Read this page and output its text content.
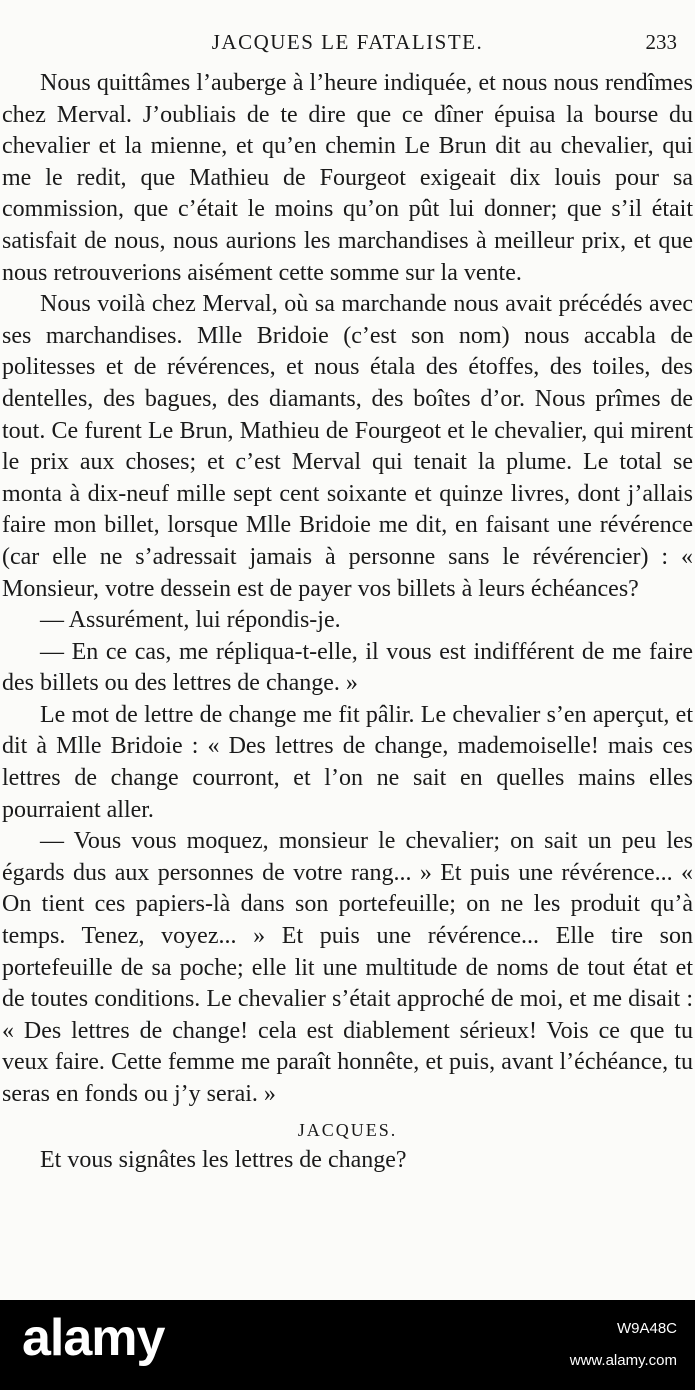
JACQUES LE FATALISTE.	233

Nous quittâmes l’auberge à l’heure indiquée, et nous nous rendîmes chez Merval. J’oubliais de te dire que ce dîner épuisa la bourse du chevalier et la mienne, et qu’en chemin Le Brun dit au chevalier, qui me le redit, que Mathieu de Fourgeot exigeait dix louis pour sa commission, que c’était le moins qu’on pût lui donner; que s’il était satisfait de nous, nous aurions les marchandises à meilleur prix, et que nous retrouverions aisément cette somme sur la vente.

Nous voilà chez Merval, où sa marchande nous avait précédés avec ses marchandises. Mlle Bridoie (c’est son nom) nous accabla de politesses et de révérences, et nous étala des étoffes, des toiles, des dentelles, des bagues, des diamants, des boîtes d’or. Nous prîmes de tout. Ce furent Le Brun, Mathieu de Fourgeot et le chevalier, qui mirent le prix aux choses; et c’est Merval qui tenait la plume. Le total se monta à dix-neuf mille sept cent soixante et quinze livres, dont j’allais faire mon billet, lorsque Mlle Bridoie me dit, en faisant une révérence (car elle ne s’adressait jamais à personne sans le révérencier) : « Monsieur, votre dessein est de payer vos billets à leurs échéances?

— Assurément, lui répondis-je.

— En ce cas, me répliqua-t-elle, il vous est indifférent de me faire des billets ou des lettres de change. »

Le mot de lettre de change me fit pâlir. Le chevalier s’en aperçut, et dit à Mlle Bridoie : « Des lettres de change, mademoiselle! mais ces lettres de change courront, et l’on ne sait en quelles mains elles pourraient aller.

— Vous vous moquez, monsieur le chevalier; on sait un peu les égards dus aux personnes de votre rang... » Et puis une révérence... « On tient ces papiers-là dans son portefeuille; on ne les produit qu’à temps. Tenez, voyez... » Et puis une révérence... Elle tire son portefeuille de sa poche; elle lit une multitude de noms de tout état et de toutes conditions. Le chevalier s’était approché de moi, et me disait : « Des lettres de change! cela est diablement sérieux! Vois ce que tu veux faire. Cette femme me paraît honnête, et puis, avant l’échéance, tu seras en fonds ou j’y serai. »

JACQUES.

Et vous signâtes les lettres de change?

alamy	W9A48C
www.alamy.com
